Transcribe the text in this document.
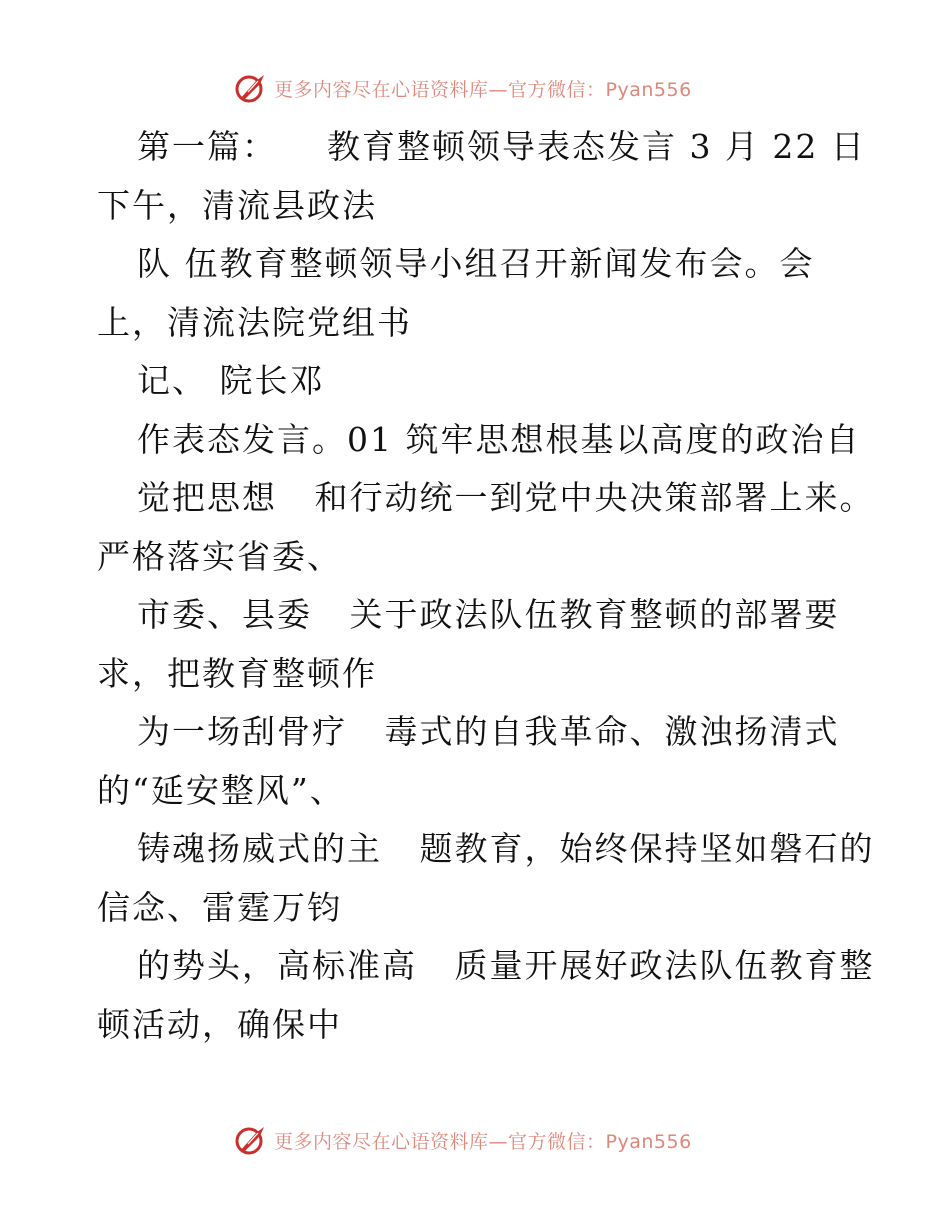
更多内容尽在心语资料库—官方微信：Pyan556
第一篇：    教育整顿领导表态发言 3 月 22 日
下午，清流县政法
队 伍教育整顿领导小组召开新闻发布会。会
上，清流法院党组书
记、 院长邓
作表态发言。01 筑牢思想根基以高度的政治自
觉把思想   和行动统一到党中央决策部署上来。
严格落实省委、
市委、县委   关于政法队伍教育整顿的部署要
求，把教育整顿作
为一场刮骨疗   毒式的自我革命、激浊扬清式
的“延安整风”、
铸魂扬威式的主   题教育，始终保持坚如磐石的
信念、雷霆万钧
的势头，高标准高   质量开展好政法队伍教育整
顿活动，确保中
更多内容尽在心语资料库—官方微信：Pyan556
